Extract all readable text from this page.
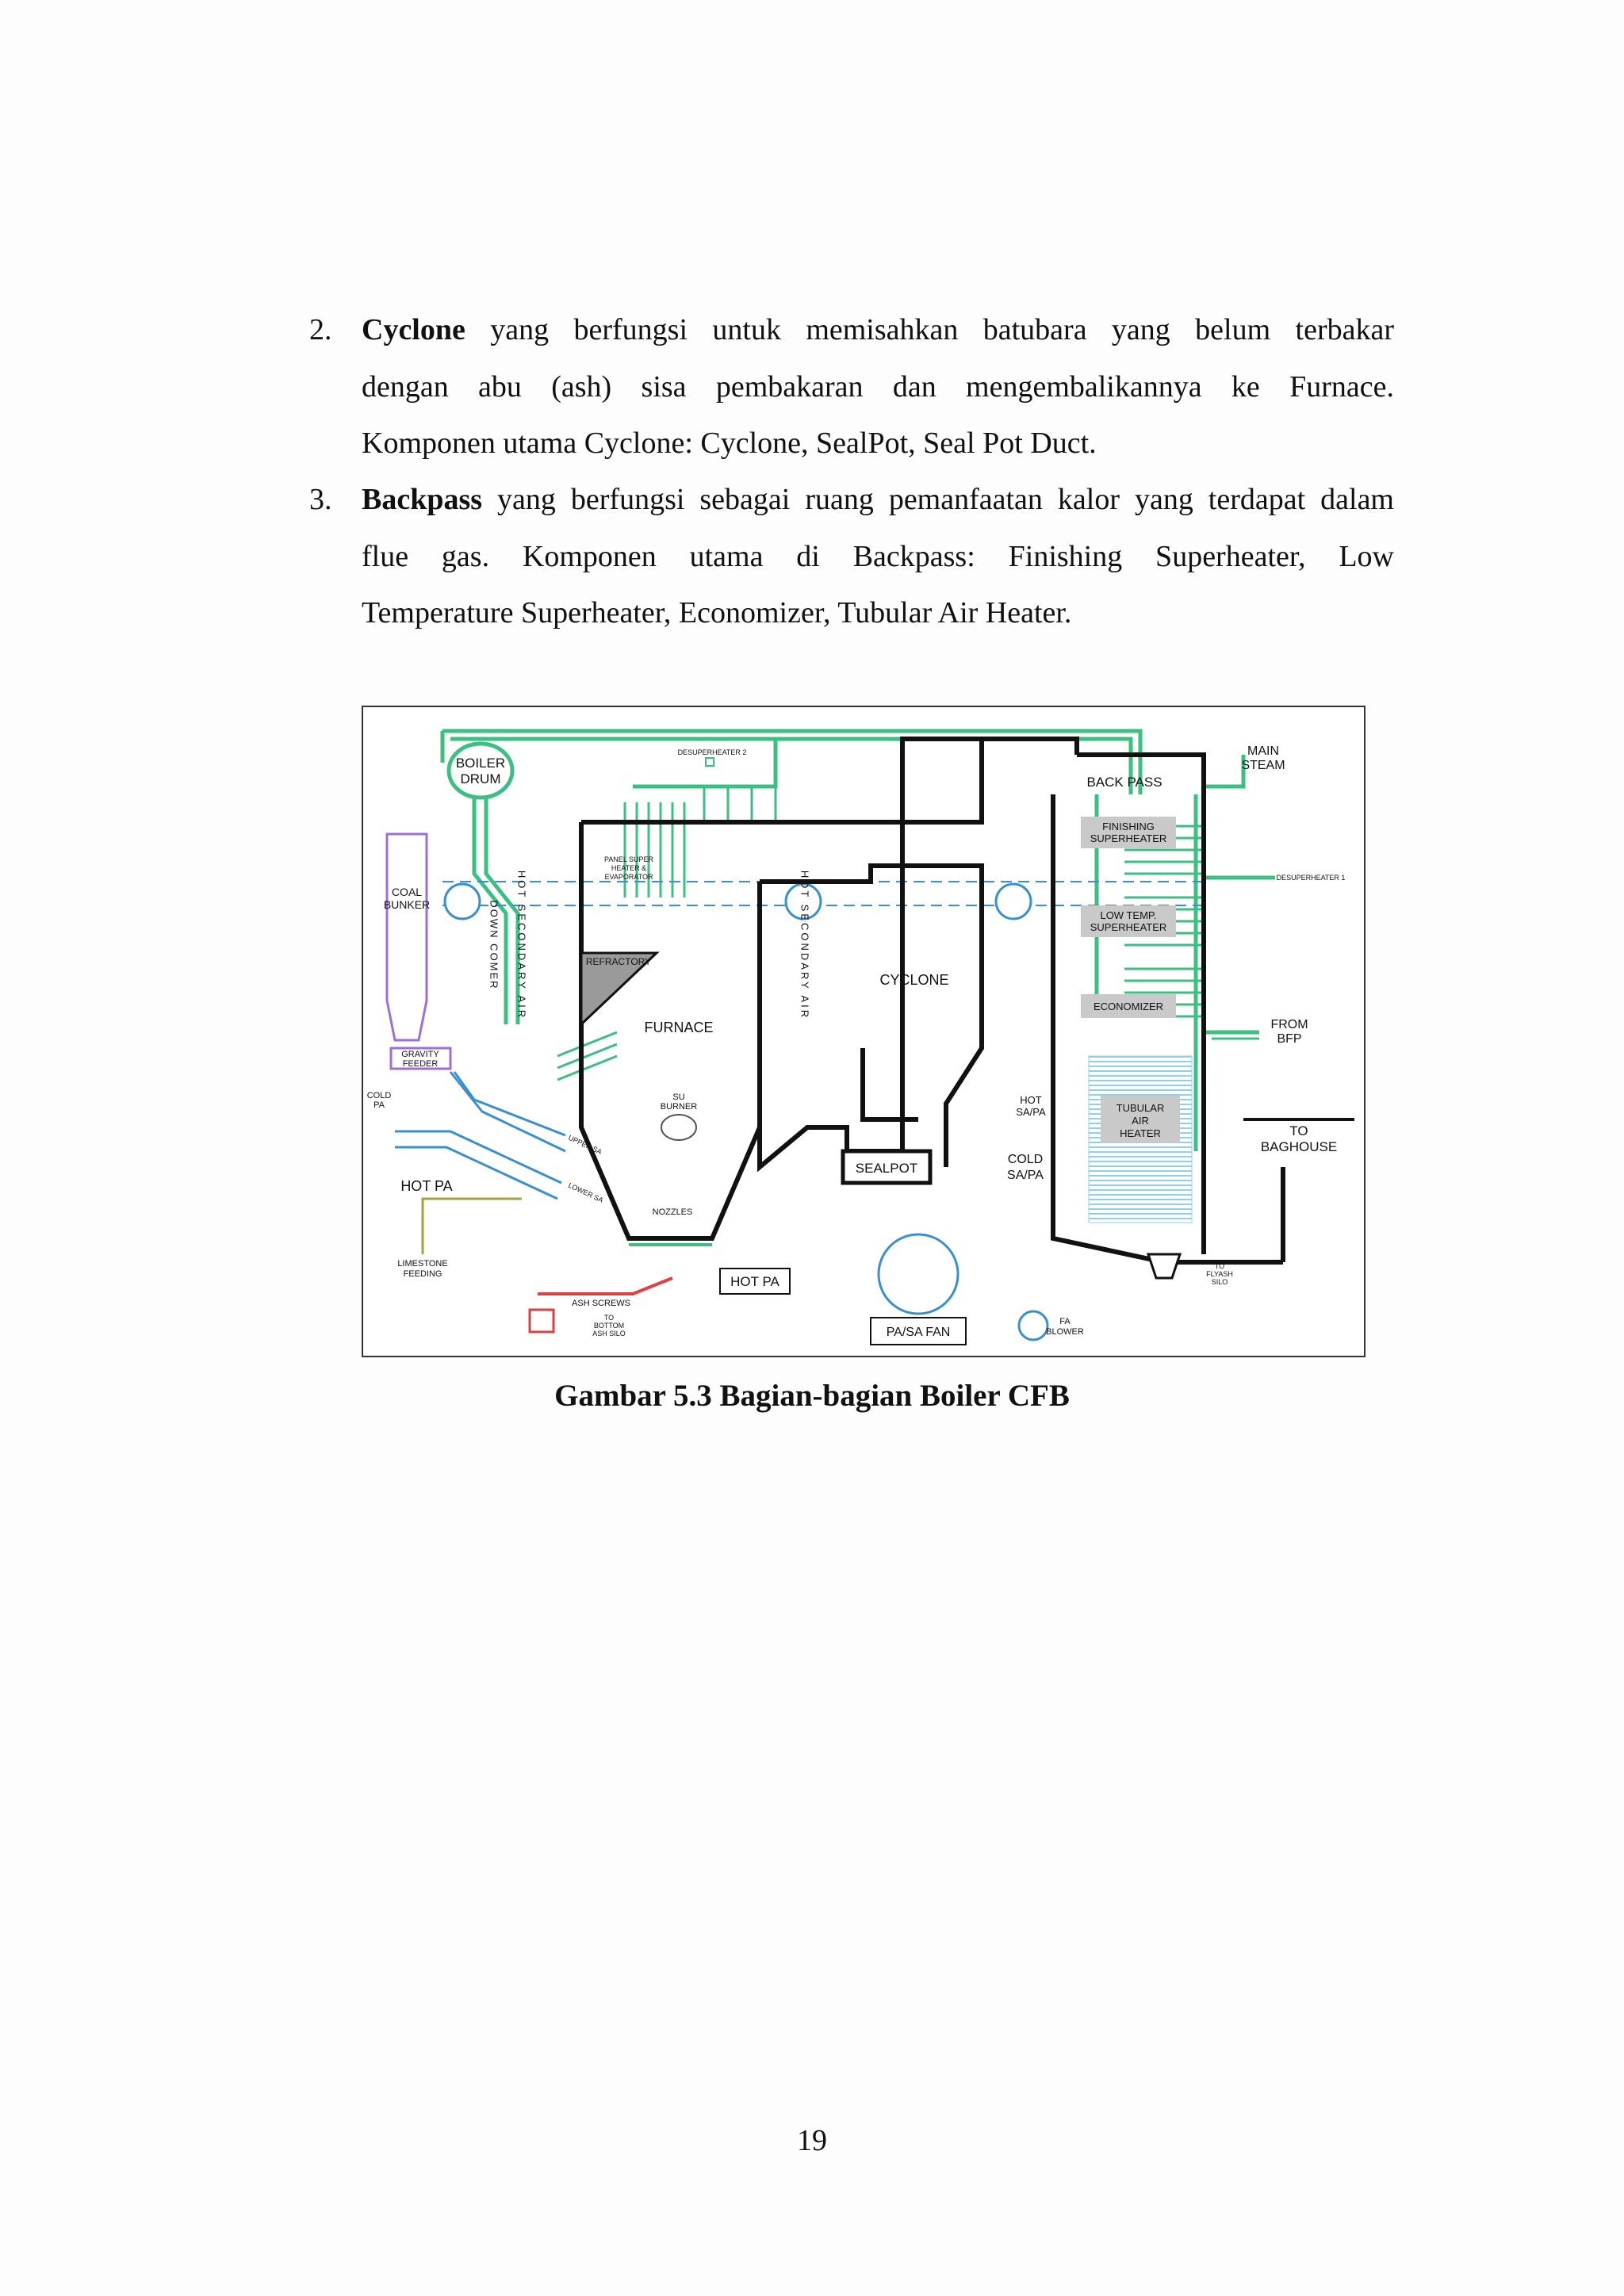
2. Cyclone yang berfungsi untuk memisahkan batubara yang belum terbakar
dengan abu (ash) sisa pembakaran dan mengembalikannya ke Furnace.
Komponen utama Cyclone: Cyclone, SealPot, Seal Pot Duct.
3. Backpass yang berfungsi sebagai ruang pemanfaatan kalor yang terdapat dalam
flue gas. Komponen utama di Backpass: Finishing Superheater, Low
Temperature Superheater, Economizer, Tubular Air Heater.
BOILER
DRUM
DESUPERHEATER 2
COAL
BUNKER
GRAVITY
FEEDER
COLD
PA
HOT PA
DOWN COMER HOT SECONDARY AIR	HOT SECONDARY AIR
REFRACTORY
PANEL SUPER
HEATER &
EVAPORATOR
FURNACE
SU
BURNER
UPPER SA
LOWER SA
NOZZLES
CYCLONE
SEALPOT
BACK PASS
MAIN
STEAM
DESUPERHEATER 1
FINISHING
SUPERHEATER
LOW TEMP.
SUPERHEATER
ECONOMIZER
FROM
BFP
TUBULAR
AIR
HEATER	TO
BAGHOUSE
HOT
SA/PA
COLD
SA/PA
LIMESTONE
FEEDING
ASH SCREWS
TO
BOTTOM
ASH SILO
HOT PA
PA/SA FAN
FA
BLOWER
TO
FLYASH
SILO
Gambar 5.3 Bagian-bagian Boiler CFB
19
